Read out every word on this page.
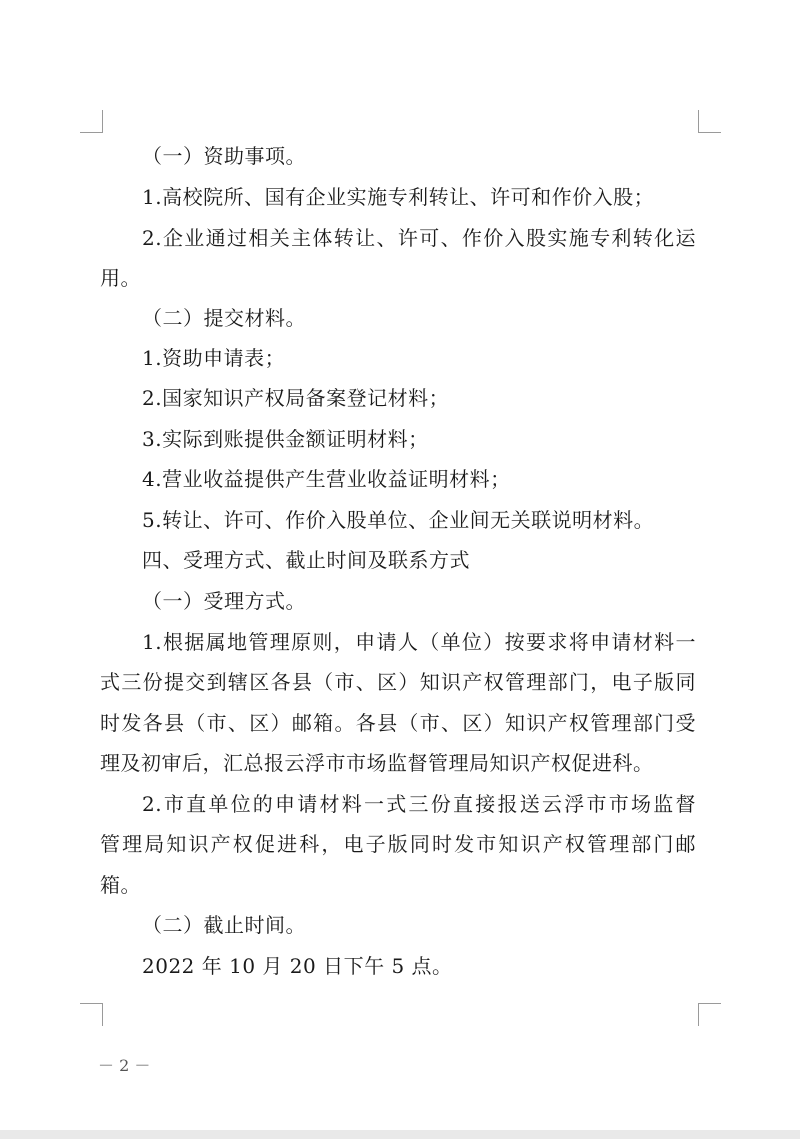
（一）资助事项。
1.高校院所、国有企业实施专利转让、许可和作价入股；
2.企业通过相关主体转让、许可、作价入股实施专利转化运
用。
（二）提交材料。
1.资助申请表；
2.国家知识产权局备案登记材料；
3.实际到账提供金额证明材料；
4.营业收益提供产生营业收益证明材料；
5.转让、许可、作价入股单位、企业间无关联说明材料。
四、受理方式、截止时间及联系方式
（一）受理方式。
1.根据属地管理原则，申请人（单位）按要求将申请材料一
式三份提交到辖区各县（市、区）知识产权管理部门，电子版同
时发各县（市、区）邮箱。各县（市、区）知识产权管理部门受
理及初审后，汇总报云浮市市场监督管理局知识产权促进科。
2.市直单位的申请材料一式三份直接报送云浮市市场监督
管理局知识产权促进科，电子版同时发市知识产权管理部门邮
箱。
（二）截止时间。
2022 年 10 月 20 日下午 5 点。
－ 2 －
